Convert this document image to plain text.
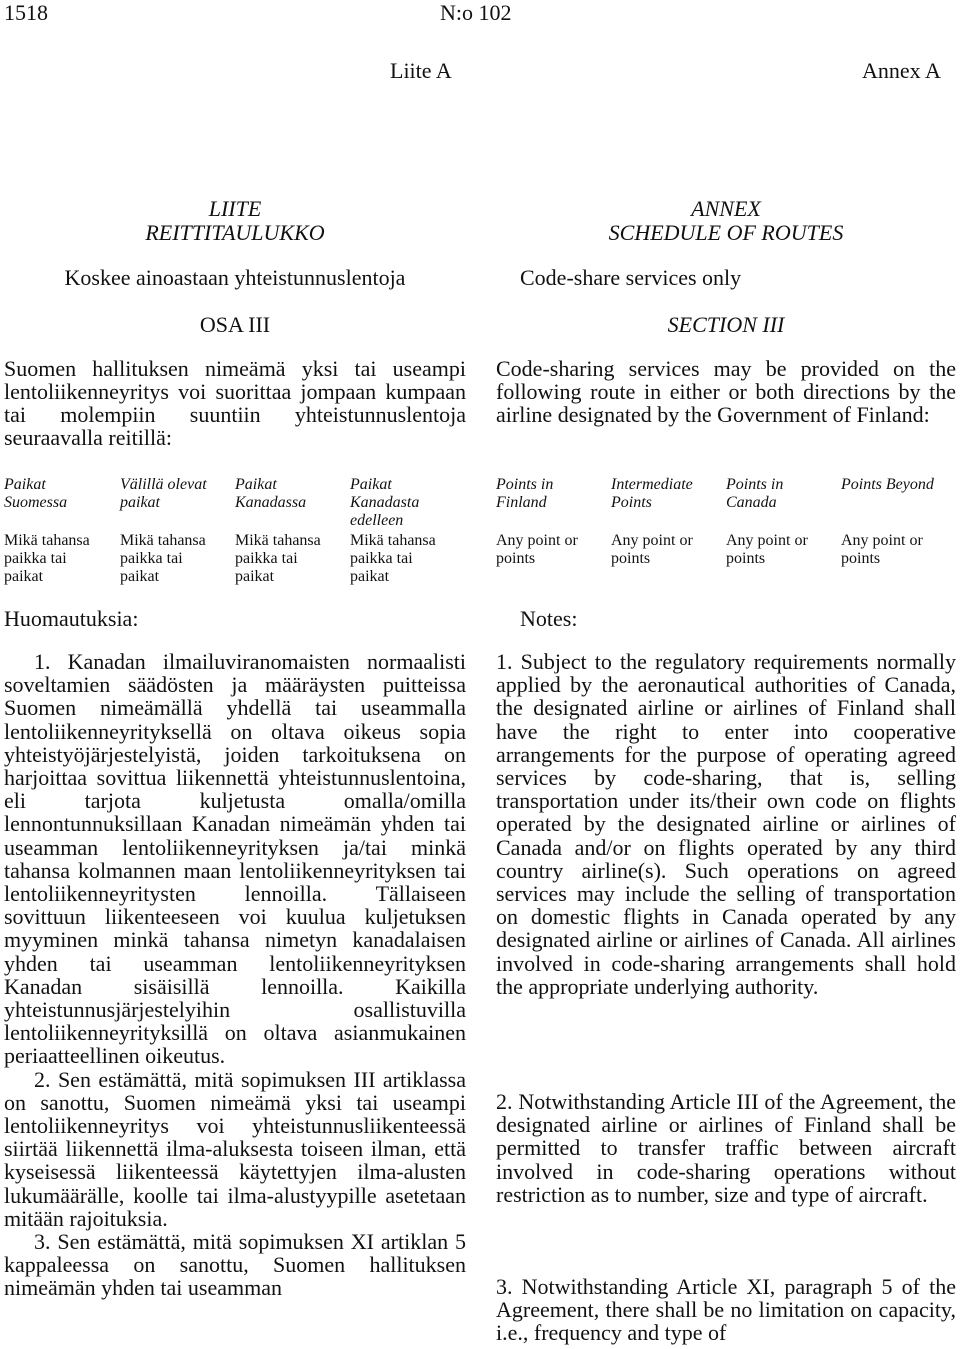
1518	N:o 102
Liite A	Annex A
LIITE
REITTITAULUKKO
Koskee ainoastaan yhteistunnuslentoja
OSA III
Suomen hallituksen nimeämä yksi tai useampi lentoliikenneyritys voi suorittaa jompaan kumpaan tai molempiin suuntiin yhteistunnuslentoja seuraavalla reitillä:
Paikat Suomessa
Välillä olevat paikat
Paikat Kanadassa
Paikat Kanadasta edelleen
Mikä tahansa paikka tai paikat
Mikä tahansa paikka tai paikat
Mikä tahansa paikka tai paikat
Mikä tahansa paikka tai paikat
Huomautuksia:

1. Kanadan ilmailuviranomaisten normaalisti soveltamien säädösten ja määräysten puitteissa Suomen nimeämällä yhdellä tai useammalla lentoliikenneyrityksellä on oltava oikeus sopia yhteistyöjärjestelyistä, joiden tarkoituksena on harjoittaa sovittua liikennettä yhteistunnuslentoina, eli tarjota kuljetusta omalla/omilla lennontunnuksillaan Kanadan nimeämän yhden tai useamman lentoliikenneyrityksen ja/tai minkä tahansa kolmannen maan lentoliikenneyrityksen tai lentoliikenneyritysten lennoilla. Tällaiseen sovittuun liikenteeseen voi kuulua kuljetuksen myyminen minkä tahansa nimetyn kanadalaisen yhden tai useamman lentoliikenneyrityksen Kanadan sisäisillä lennoilla. Kaikilla yhteistunnusjärjestelyihin osallistuvilla lentoliikenneyrityksillä on oltava asianmukainen periaatteellinen oikeutus.

2. Sen estämättä, mitä sopimuksen III artiklassa on sanottu, Suomen nimeämä yksi tai useampi lentoliikenneyritys voi yhteistunnusliikenteessä siirtää liikennettä ilma-aluksesta toiseen ilman, että kyseisessä liikenteessä käytettyjen ilma-alusten lukumäärälle, koolle tai ilma-alustyypille asetetaan mitään rajoituksia.

3. Sen estämättä, mitä sopimuksen XI artiklan 5 kappaleessa on sanottu, Suomen hallituksen nimeämän yhden tai useamman

ANNEX
SCHEDULE OF ROUTES
Code-share services only
SECTION III
Code-sharing services may be provided on the following route in either or both directions by the airline designated by the Government of Finland:
Points in Finland
Intermediate Points
Points in Canada
Points Beyond
Any point or points
Any point or points
Any point or points
Any point or points
Notes:
1. Subject to the regulatory requirements normally applied by the aeronautical authorities of Canada, the designated airline or airlines of Finland shall have the right to enter into cooperative arrangements for the purpose of operating agreed services by code-sharing, that is, selling transportation under its/their own code on flights operated by the designated airline or airlines of Canada and/or on flights operated by any third country airline(s). Such operations on agreed services may include the selling of transportation on domestic flights in Canada operated by any designated airline or airlines of Canada. All airlines involved in code-sharing arrangements shall hold the appropriate underlying authority.
2. Notwithstanding Article III of the Agreement, the designated airline or airlines of Finland shall be permitted to transfer traffic between aircraft involved in code-sharing operations without restriction as to number, size and type of aircraft.
3. Notwithstanding Article XI, paragraph 5 of the Agreement, there shall be no limitation on capacity, i.e., frequency and type of
